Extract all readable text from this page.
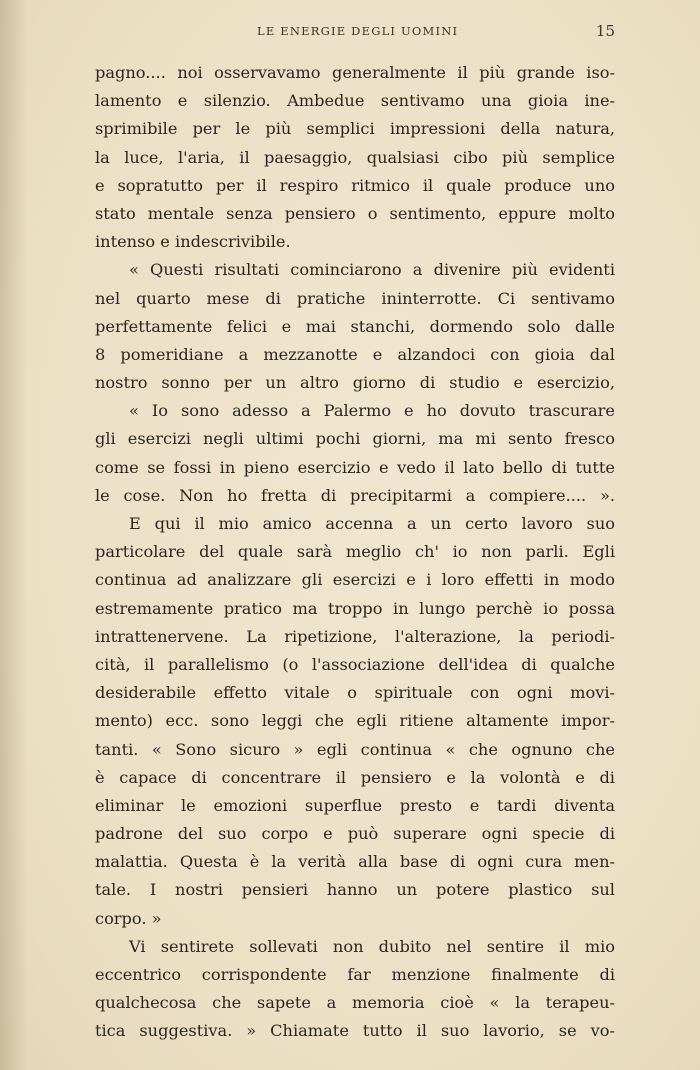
LE ENERGIE DEGLI UOMINI	15
pagno.... noi osservavamo generalmente il più grande iso-
lamento e silenzio. Ambedue sentivamo una gioia ine-
sprimibile per le più semplici impressioni della natura,
la luce, l'aria, il paesaggio, qualsiasi cibo più semplice
e sopratutto per il respiro ritmico il quale produce uno
stato mentale senza pensiero o sentimento, eppure molto
intenso e indescrivibile.
« Questi risultati cominciarono a divenire più evidenti
nel quarto mese di pratiche ininterrotte. Ci sentivamo
perfettamente felici e mai stanchi, dormendo solo dalle
8 pomeridiane a mezzanotte e alzandoci con gioia dal
nostro sonno per un altro giorno di studio e esercizio,
« Io sono adesso a Palermo e ho dovuto trascurare
gli esercizi negli ultimi pochi giorni, ma mi sento fresco
come se fossi in pieno esercizio e vedo il lato bello di tutte
le cose. Non ho fretta di precipitarmi a compiere.... ».
E qui il mio amico accenna a un certo lavoro suo
particolare del quale sarà meglio ch' io non parli. Egli
continua ad analizzare gli esercizi e i loro effetti in modo
estremamente pratico ma troppo in lungo perchè io possa
intrattenervene. La ripetizione, l'alterazione, la periodi-
cità, il parallelismo (o l'associazione dell'idea di qualche
desiderabile effetto vitale o spirituale con ogni movi-
mento) ecc. sono leggi che egli ritiene altamente impor-
tanti. « Sono sicuro » egli continua « che ognuno che
è capace di concentrare il pensiero e la volontà e di
eliminar le emozioni superflue presto e tardi diventa
padrone del suo corpo e può superare ogni specie di
malattia. Questa è la verità alla base di ogni cura men-
tale. I nostri pensieri hanno un potere plastico sul
corpo. »
Vi sentirete sollevati non dubito nel sentire il mio
eccentrico corrispondente far menzione finalmente di
qualchecosa che sapete a memoria cioè « la terapeu-
tica suggestiva. » Chiamate tutto il suo lavorio, se vo-
